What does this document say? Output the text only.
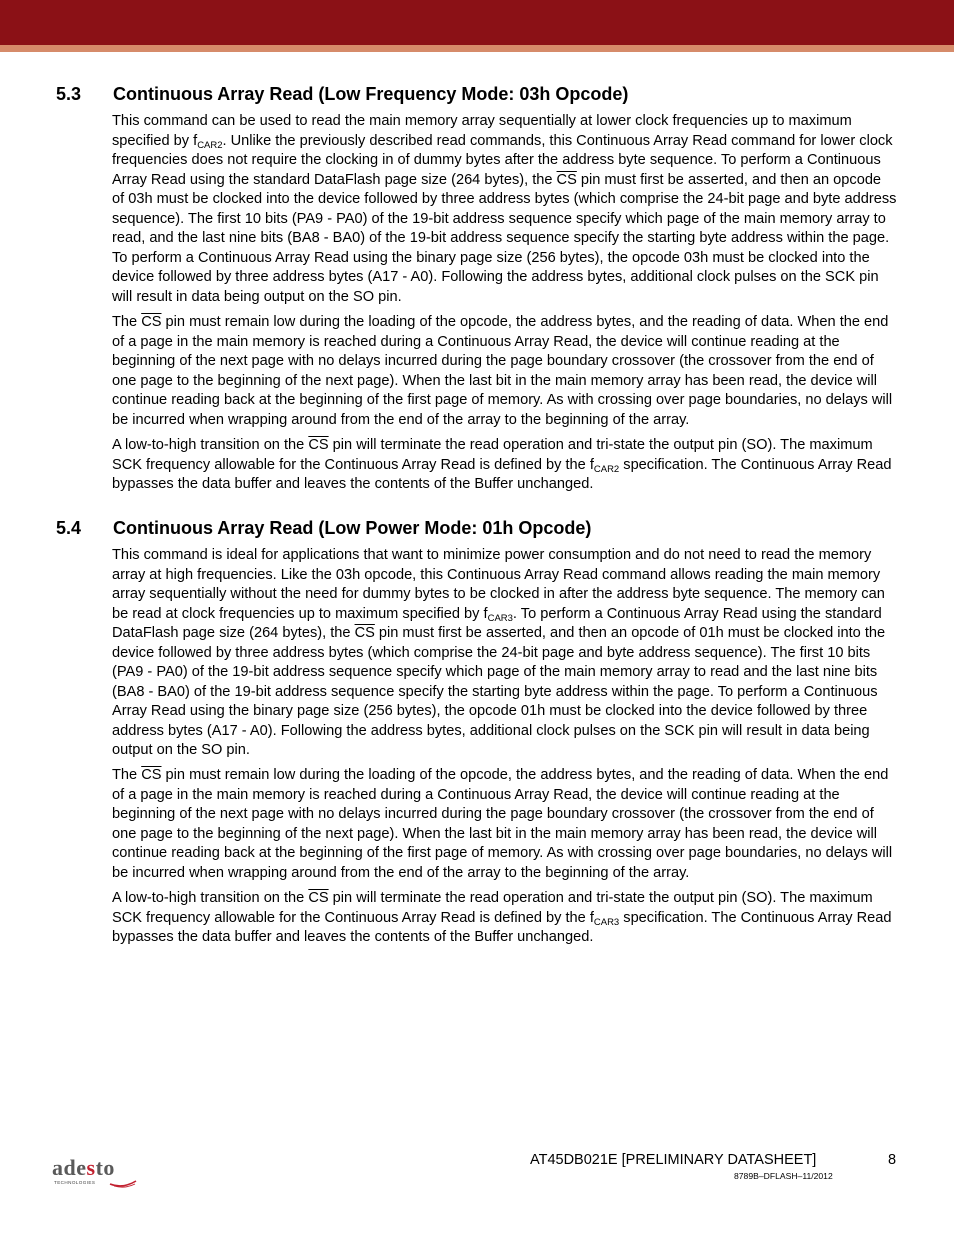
5.3 Continuous Array Read (Low Frequency Mode: 03h Opcode)

This command can be used to read the main memory array sequentially at lower clock frequencies up to maximum specified by $f_{CAR2}$. Unlike the previously described read commands, this Continuous Array Read command for lower clock frequencies does not require the clocking in of dummy bytes after the address byte sequence. To perform a Continuous Array Read using the standard DataFlash page size (264 bytes), the $\overline{CS}$ pin must first be asserted, and then an opcode of 03h must be clocked into the device followed by three address bytes (which comprise the 24-bit page and byte address sequence). The first 10 bits (PA9 - PA0) of the 19-bit address sequence specify which page of the main memory array to read, and the last nine bits (BA8 - BA0) of the 19-bit address sequence specify the starting byte address within the page. To perform a Continuous Array Read using the binary page size (256 bytes), the opcode 03h must be clocked into the device followed by three address bytes (A17 - A0). Following the address bytes, additional clock pulses on the SCK pin will result in data being output on the SO pin.

The $\overline{CS}$ pin must remain low during the loading of the opcode, the address bytes, and the reading of data. When the end of a page in the main memory is reached during a Continuous Array Read, the device will continue reading at the beginning of the next page with no delays incurred during the page boundary crossover (the crossover from the end of one page to the beginning of the next page). When the last bit in the main memory array has been read, the device will continue reading back at the beginning of the first page of memory. As with crossing over page boundaries, no delays will be incurred when wrapping around from the end of the array to the beginning of the array.

A low-to-high transition on the $\overline{CS}$ pin will terminate the read operation and tri-state the output pin (SO). The maximum SCK frequency allowable for the Continuous Array Read is defined by the $f_{CAR2}$ specification. The Continuous Array Read bypasses the data buffer and leaves the contents of the Buffer unchanged.

5.4 Continuous Array Read (Low Power Mode: 01h Opcode)

This command is ideal for applications that want to minimize power consumption and do not need to read the memory array at high frequencies. Like the 03h opcode, this Continuous Array Read command allows reading the main memory array sequentially without the need for dummy bytes to be clocked in after the address byte sequence. The memory can be read at clock frequencies up to maximum specified by $f_{CAR3}$. To perform a Continuous Array Read using the standard DataFlash page size (264 bytes), the $\overline{CS}$ pin must first be asserted, and then an opcode of 01h must be clocked into the device followed by three address bytes (which comprise the 24-bit page and byte address sequence). The first 10 bits (PA9 - PA0) of the 19-bit address sequence specify which page of the main memory array to read and the last nine bits (BA8 - BA0) of the 19-bit address sequence specify the starting byte address within the page. To perform a Continuous Array Read using the binary page size (256 bytes), the opcode 01h must be clocked into the device followed by three address bytes (A17 - A0). Following the address bytes, additional clock pulses on the SCK pin will result in data being output on the SO pin.

The $\overline{CS}$ pin must remain low during the loading of the opcode, the address bytes, and the reading of data. When the end of a page in the main memory is reached during a Continuous Array Read, the device will continue reading at the beginning of the next page with no delays incurred during the page boundary crossover (the crossover from the end of one page to the beginning of the next page). When the last bit in the main memory array has been read, the device will continue reading back at the beginning of the first page of memory. As with crossing over page boundaries, no delays will be incurred when wrapping around from the end of the array to the beginning of the array.

A low-to-high transition on the $\overline{CS}$ pin will terminate the read operation and tri-state the output pin (SO). The maximum SCK frequency allowable for the Continuous Array Read is defined by the $f_{CAR3}$ specification. The Continuous Array Read bypasses the data buffer and leaves the contents of the Buffer unchanged.

adesto
TECHNOLOGIES
AT45DB021E [PRELIMINARY DATASHEET]	8
8789B–DFLASH–11/2012
